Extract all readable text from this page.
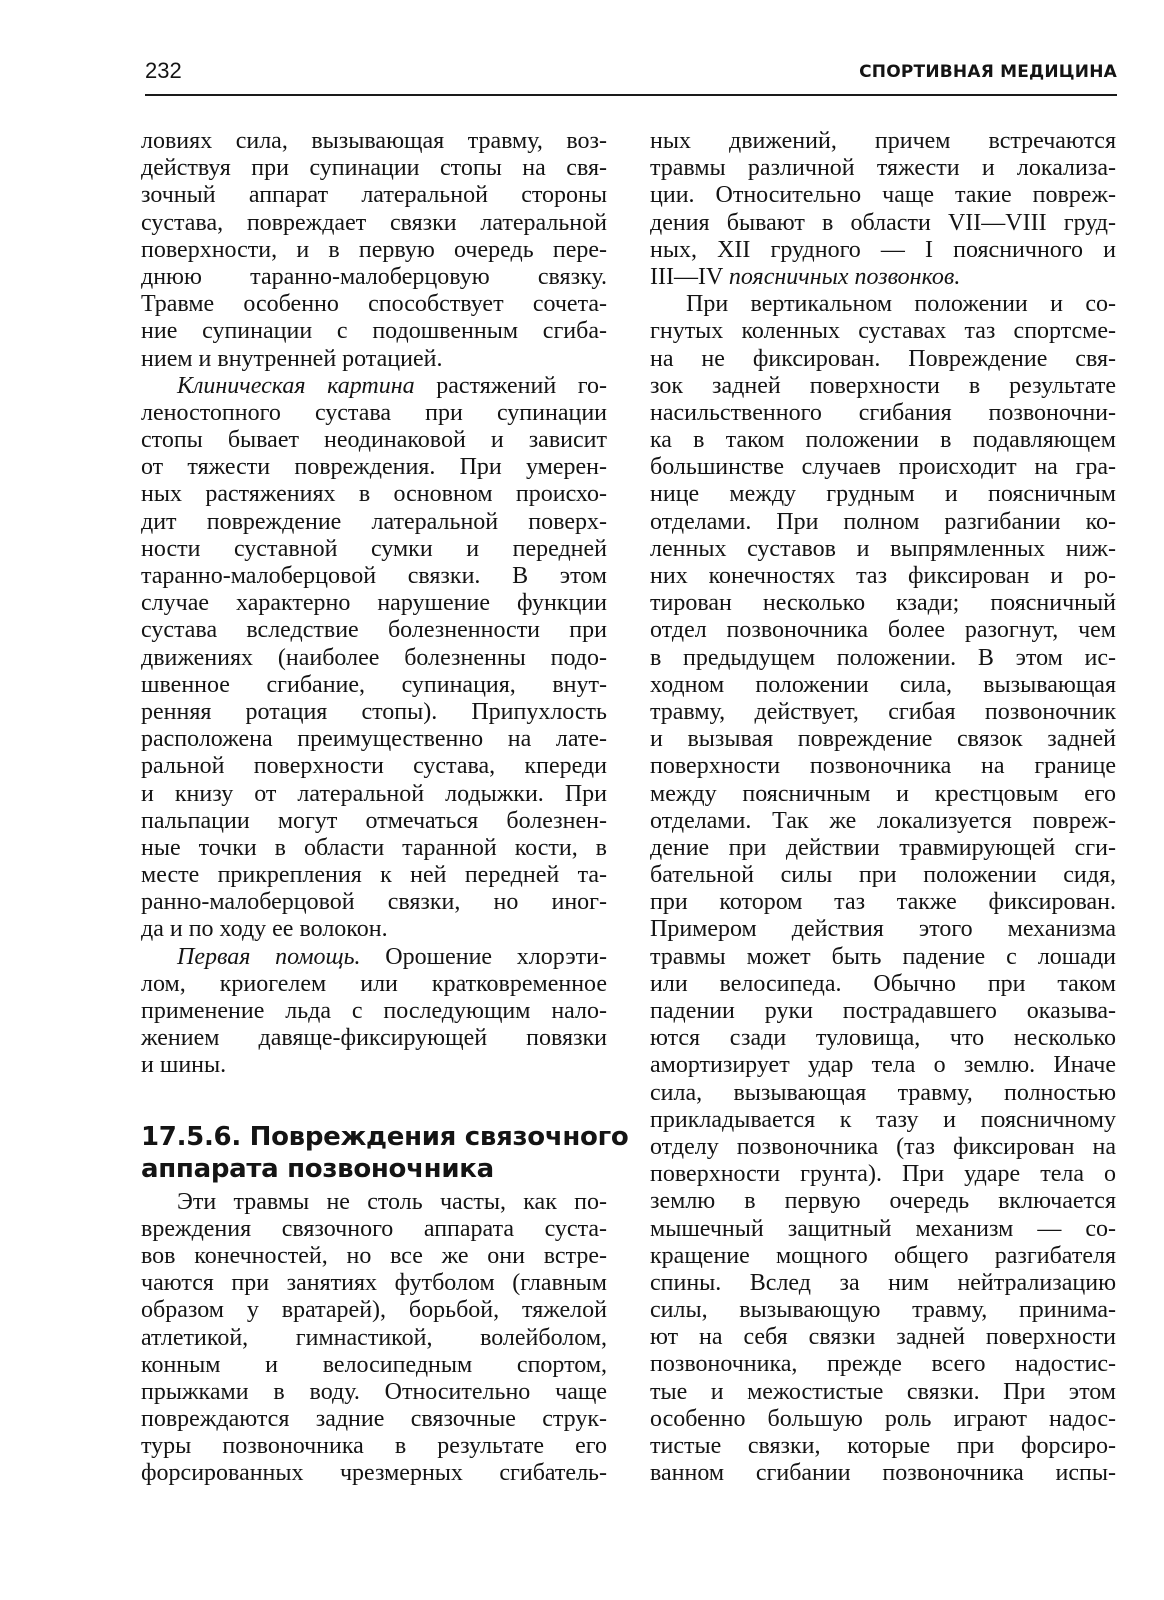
232	СПОРТИВНАЯ МЕДИЦИНА
ловиях сила, вызывающая травму, воз-
действуя при супинации стопы на свя-
зочный аппарат латеральной стороны
сустава, повреждает связки латеральной
поверхности, и в первую очередь пере-
днюю таранно-малоберцовую связку.
Травме особенно способствует сочета-
ние супинации с подошвенным сгиба-
нием и внутренней ротацией.
Клиническая картина растяжений го-
леностопного сустава при супинации
стопы бывает неодинаковой и зависит
от тяжести повреждения. При умерен-
ных растяжениях в основном происхо-
дит повреждение латеральной поверх-
ности суставной сумки и передней
таранно-малоберцовой связки. В этом
случае характерно нарушение функции
сустава вследствие болезненности при
движениях (наиболее болезненны подо-
швенное сгибание, супинация, внут-
ренняя ротация стопы). Припухлость
расположена преимущественно на лате-
ральной поверхности сустава, кпереди
и книзу от латеральной лодыжки. При
пальпации могут отмечаться болезнен-
ные точки в области таранной кости, в
месте прикрепления к ней передней та-
ранно-малоберцовой связки, но иног-
да и по ходу ее волокон.
Первая помощь. Орошение хлорэти-
лом, криогелем или кратковременное
применение льда с последующим нало-
жением давяще-фиксирующей повязки
и шины.
17.5.6. Повреждения связочного
аппарата позвоночника
Эти травмы не столь часты, как по-
вреждения связочного аппарата суста-
вов конечностей, но все же они встре-
чаются при занятиях футболом (главным
образом у вратарей), борьбой, тяжелой
атлетикой, гимнастикой, волейболом,
конным и велосипедным спортом,
прыжками в воду. Относительно чаще
повреждаются задние связочные струк-
туры позвоночника в результате его
форсированных чрезмерных сгибатель-
ных движений, причем встречаются
травмы различной тяжести и локализа-
ции. Относительно чаще такие повреж-
дения бывают в области VII—VIII груд-
ных, XII грудного — I поясничного и
III—IV поясничных позвонков.
При вертикальном положении и со-
гнутых коленных суставах таз спортсме-
на не фиксирован. Повреждение свя-
зок задней поверхности в результате
насильственного сгибания позвоночни-
ка в таком положении в подавляющем
большинстве случаев происходит на гра-
нице между грудным и поясничным
отделами. При полном разгибании ко-
ленных суставов и выпрямленных ниж-
них конечностях таз фиксирован и ро-
тирован несколько кзади; поясничный
отдел позвоночника более разогнут, чем
в предыдущем положении. В этом ис-
ходном положении сила, вызывающая
травму, действует, сгибая позвоночник
и вызывая повреждение связок задней
поверхности позвоночника на границе
между поясничным и крестцовым его
отделами. Так же локализуется повреж-
дение при действии травмирующей сги-
бательной силы при положении сидя,
при котором таз также фиксирован.
Примером действия этого механизма
травмы может быть падение с лошади
или велосипеда. Обычно при таком
падении руки пострадавшего оказыва-
ются сзади туловища, что несколько
амортизирует удар тела о землю. Иначе
сила, вызывающая травму, полностью
прикладывается к тазу и поясничному
отделу позвоночника (таз фиксирован на
поверхности грунта). При ударе тела о
землю в первую очередь включается
мышечный защитный механизм — со-
кращение мощного общего разгибателя
спины. Вслед за ним нейтрализацию
силы, вызывающую травму, принима-
ют на себя связки задней поверхности
позвоночника, прежде всего надостис-
тые и межостистые связки. При этом
особенно большую роль играют надос-
тистые связки, которые при форсиро-
ванном сгибании позвоночника испы-
